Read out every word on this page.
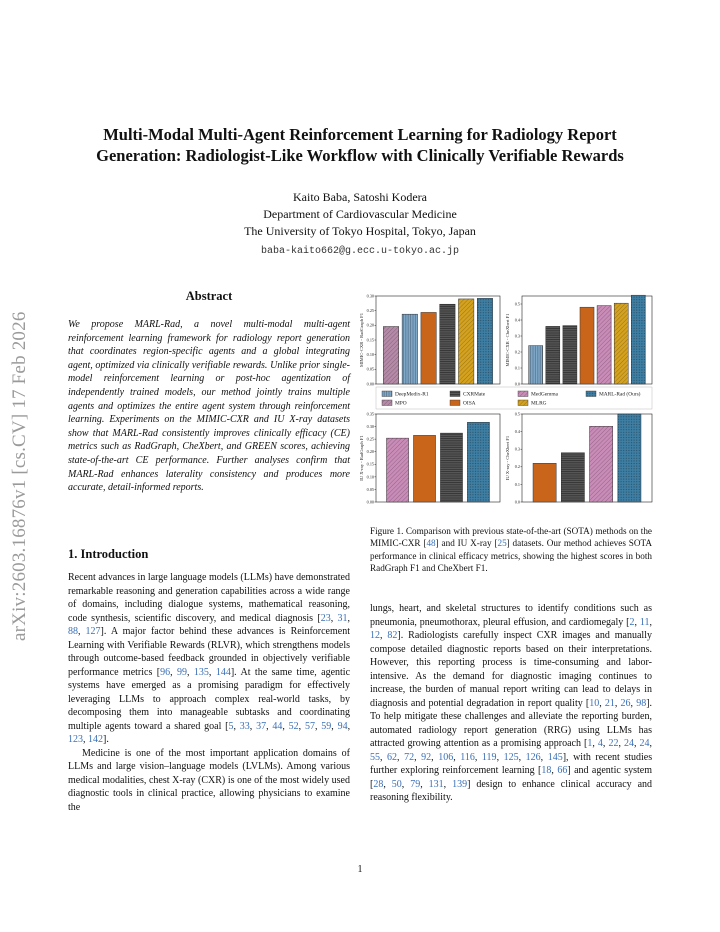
arXiv:2603.16876v1 [cs.CV] 17 Feb 2026
Multi-Modal Multi-Agent Reinforcement Learning for Radiology Report Generation: Radiologist-Like Workflow with Clinically Verifiable Rewards
Kaito Baba, Satoshi Kodera
Department of Cardiovascular Medicine
The University of Tokyo Hospital, Tokyo, Japan
baba-kaito662@g.ecc.u-tokyo.ac.jp
Abstract
We propose MARL-Rad, a novel multi-modal multi-agent reinforcement learning framework for radiology report generation that coordinates region-specific agents and a global integrating agent, optimized via clinically verifiable rewards. Unlike prior single-model reinforcement learning or post-hoc agentization of independently trained models, our method jointly trains multiple agents and optimizes the entire agent system through reinforcement learning. Experiments on the MIMIC-CXR and IU X-ray datasets show that MARL-Rad consistently improves clinically efficacy (CE) metrics such as RadGraph, CheXbert, and GREEN scores, achieving state-of-the-art CE performance. Further analyses confirm that MARL-Rad enhances laterality consistency and produces more accurate, detail-informed reports.
1. Introduction

Recent advances in large language models (LLMs) have demonstrated remarkable reasoning and generation capabilities across a wide range of domains, including dialogue systems, mathematical reasoning, code synthesis, scientific discovery, and medical diagnosis [23, 31, 88, 127]. A major factor behind these advances is Reinforcement Learning with Verifiable Rewards (RLVR), which strengthens models through outcome-based feedback grounded in objectively verifiable performance metrics [96, 99, 135, 144]. At the same time, agentic systems have emerged as a promising paradigm for effectively leveraging LLMs to approach complex real-world tasks, by decomposing them into manageable subtasks and coordinating multiple agents toward a shared goal [5, 33, 37, 44, 52, 57, 59, 94, 123, 142].

Medicine is one of the most important application domains of LLMs and large vision–language models (LVLMs). Among various medical modalities, chest X-ray (CXR) is one of the most widely used diagnostic tools in clinical practice, allowing physicians to examine the

0.00
0.05
0.10
0.15
0.20
0.25
0.30
MIMIC-CXR - RadGraph F1
0.0
0.1
0.2
0.3
0.4
0.5
MIMIC-CXR - CheXbert F1
0.00
0.05
0.10
0.15
0.20
0.25
0.30
0.35
IU X-ray - RadGraph F1
0.0
0.1
0.2
0.3
0.4
0.5
IU X-ray - CheXbert F1
DeepMedix-R1	CXRMate	MedGemma	MARL-Rad (Ours)
MPO	OISA	MLRG
Figure 1. Comparison with previous state-of-the-art (SOTA) methods on the MIMIC-CXR [48] and IU X-ray [25] datasets. Our method achieves SOTA performance in clinical efficacy metrics, showing the highest scores in both RadGraph F1 and CheXbert F1.
lungs, heart, and skeletal structures to identify conditions such as pneumonia, pneumothorax, pleural effusion, and cardiomegaly [2, 11, 12, 82]. Radiologists carefully inspect CXR images and manually compose detailed diagnostic reports based on their interpretations. However, this reporting process is time-consuming and labor-intensive. As the demand for diagnostic imaging continues to increase, the burden of manual report writing can lead to delays in diagnosis and potential degradation in report quality [10, 21, 26, 98]. To help mitigate these challenges and alleviate the reporting burden, automated radiology report generation (RRG) using LLMs has attracted growing attention as a promising approach [1, 4, 22, 24, 24, 55, 62, 72, 92, 106, 116, 119, 125, 126, 145], with recent studies further exploring reinforcement learning [18, 66] and agentic system [28, 50, 79, 131, 139] design to enhance clinical accuracy and reasoning flexibility.
1
